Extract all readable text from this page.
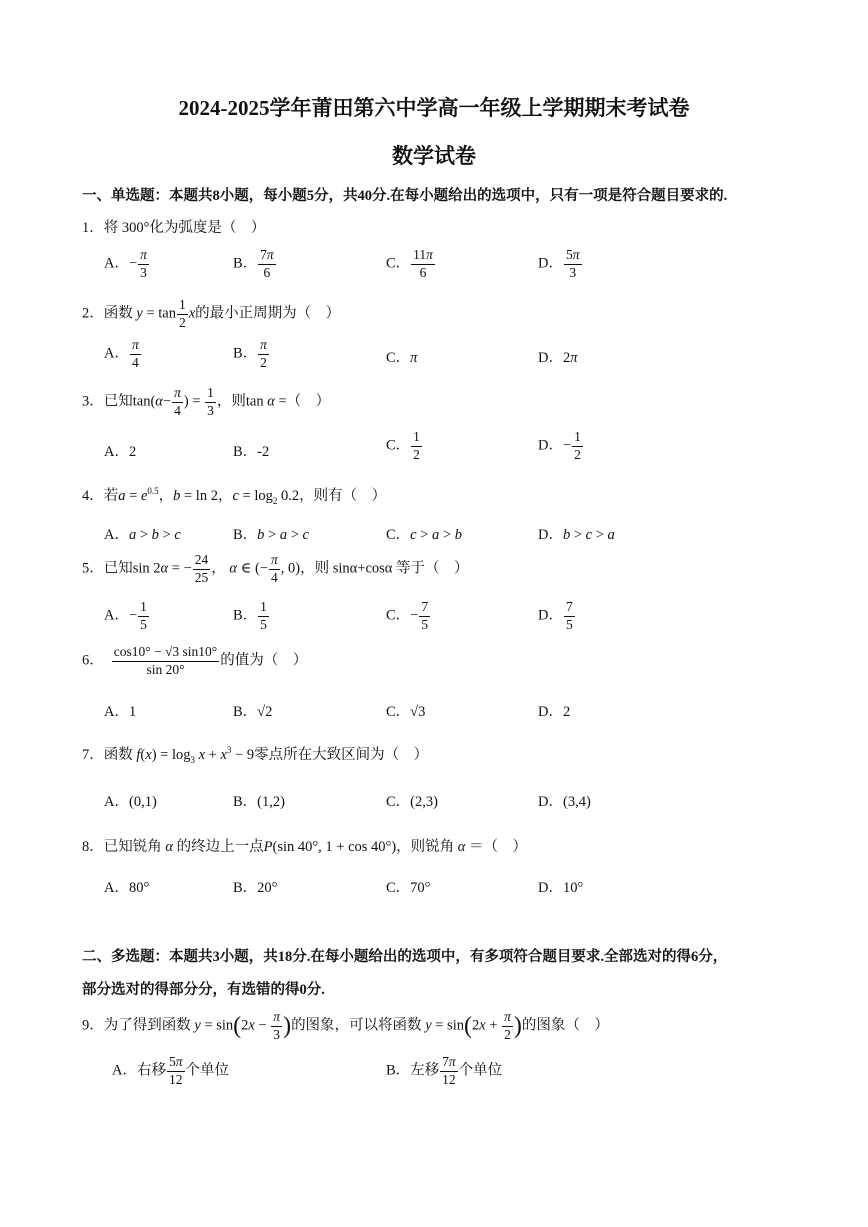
2024-2025学年莆田第六中学高一年级上学期期末考试卷
数学试卷
一、单选题：本题共8小题，每小题5分，共40分.在每小题给出的选项中，只有一项是符合题目要求的.
1．将 300°化为弧度是（　）
A．− $\frac{\pi}{3}$	B． $\frac{7\pi}{6}$	C． $\frac{11\pi}{6}$	D． $\frac{5\pi}{3}$
2．函数 $y = \tan \frac{1}{2}$ x的最小正周期为（　）
A． $\frac{\pi}{4}$	B． $\frac{\pi}{2}$	C．π	D．2π
3．已知$\tan(\alpha- \frac{\pi}{4}$ ) = $\frac{1}{3}$ ，则tan α =（　）
A．2	B．-2	C． $\frac{1}{2}$	D．− $\frac{1}{2}$
4．若$a = e^{0.5}$，b = ln 2，$c = \log_2 0.2$，则有（　）
A．a > b > c	B．b > a > c	C．c > a > b	D．b > c > a
5．已知sin 2α = − $\frac{24}{25}$ ， α ∈ (− $\frac{\pi}{4}$ , 0)，则 sinα+cosα 等于（　）
A．− $\frac{1}{5}$	B． $\frac{1}{5}$	C．− $\frac{7}{5}$	D． $\frac{7}{5}$
6． $\frac{\cos 10^\circ - √3 \sin 10^\circ}{\sin 20^\circ}$ 的值为（　）
A．1	B．√2	C．√3	D．2
7．函数 $f(x) = \log_3 x + x^3 - 9$零点所在大致区间为（　）
A．(0,1)	B．(1,2)	C．(2,3)	D．(3,4)
8．已知锐角 α 的终边上一点P(sin 40°, 1 + cos 40°)，则锐角 α ＝（　）
A．80°	B．20°	C．70°	D．10°
二、多选题：本题共3小题，共18分.在每小题给出的选项中，有多项符合题目要求.全部选对的得6分，
部分选对的得部分分，有选错的得0分.
9．为了得到函数 $y = \sin(2x - \frac{\pi}{3}$ )的图象，可以将函数 $y = \sin(2x + \frac{\pi}{2}$ )的图象（　）
A．右移 $\frac{5\pi}{12}$ 个单位	B．左移 $\frac{7\pi}{12}$ 个单位
